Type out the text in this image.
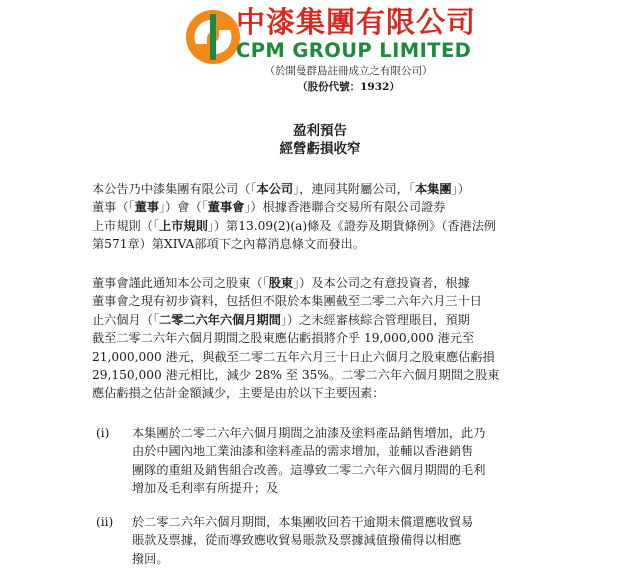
中漆集團有限公司
CPM GROUP LIMITED
（於開曼群島註冊成立之有限公司）
（股份代號：1932）
盈利預告
經營虧損收窄
本公告乃中漆集團有限公司（「本公司」，連同其附屬公司，「本集團」）
董事（「董事」）會（「董事會」）根據香港聯合交易所有限公司證券
上市規則（「上市規則」）第13.09(2)(a)條及《證券及期貨條例》（香港法例
第571章）第XIVA部項下之內幕消息條文而發出。
董事會謹此通知本公司之股東（「股東」）及本公司之有意投資者，根據
董事會之現有初步資料，包括但不限於本集團截至二零二六年六月三十日
止六個月（「二零二六年六個月期間」）之未經審核綜合管理賬目，預期
截至二零二六年六個月期間之股東應佔虧損將介乎 19,000,000 港元至
21,000,000 港元，與截至二零二五年六月三十日止六個月之股東應佔虧損
29,150,000 港元相比，減少 28% 至 35%。二零二六年六個月期間之股東
應佔虧損之估計金額減少，主要是由於以下主要因素：
(i) 本集團於二零二六年六個月期間之油漆及塗料產品銷售增加，此乃
由於中國內地工業油漆和塗料產品的需求增加，並輔以香港銷售
團隊的重組及銷售組合改善。這導致二零二六年六個月期間的毛利
增加及毛利率有所提升；及
(ii) 於二零二六年六個月期間，本集團收回若干逾期未償還應收貿易
賬款及票據，從而導致應收貿易賬款及票據減值撥備得以相應
撥回。
